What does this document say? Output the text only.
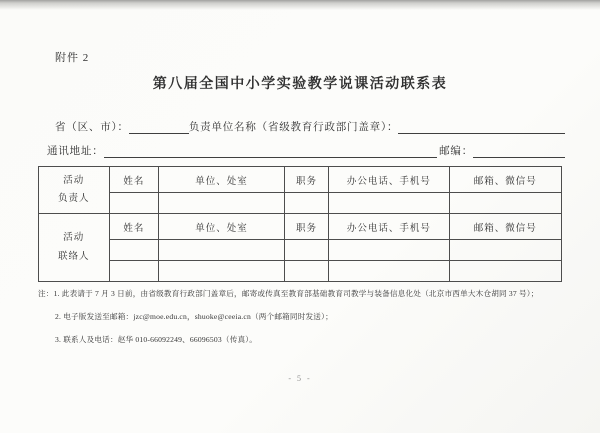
附件 2
第八届全国中小学实验教学说课活动联系表
省（区、市）：	负责单位名称（省级教育行政部门盖章）：
通讯地址：	邮编：
活动
负责人	姓名	单位、处室	职务	办公电话、手机号	邮箱、微信号

活动
联络人	姓名	单位、处室	职务	办公电话、手机号	邮箱、微信号

注：1. 此表请于 7 月 3 日前，由省级教育行政部门盖章后，邮寄或传真至教育部基础教育司教学与装备信息化处（北京市西单大木仓胡同 37 号）；
2. 电子版发送至邮箱：jzc@moe.edu.cn，shuoke@ceeia.cn（两个邮箱同时发送）；
3. 联系人及电话：赵华 010-66092249、66096503（传真）。
- 5 -
